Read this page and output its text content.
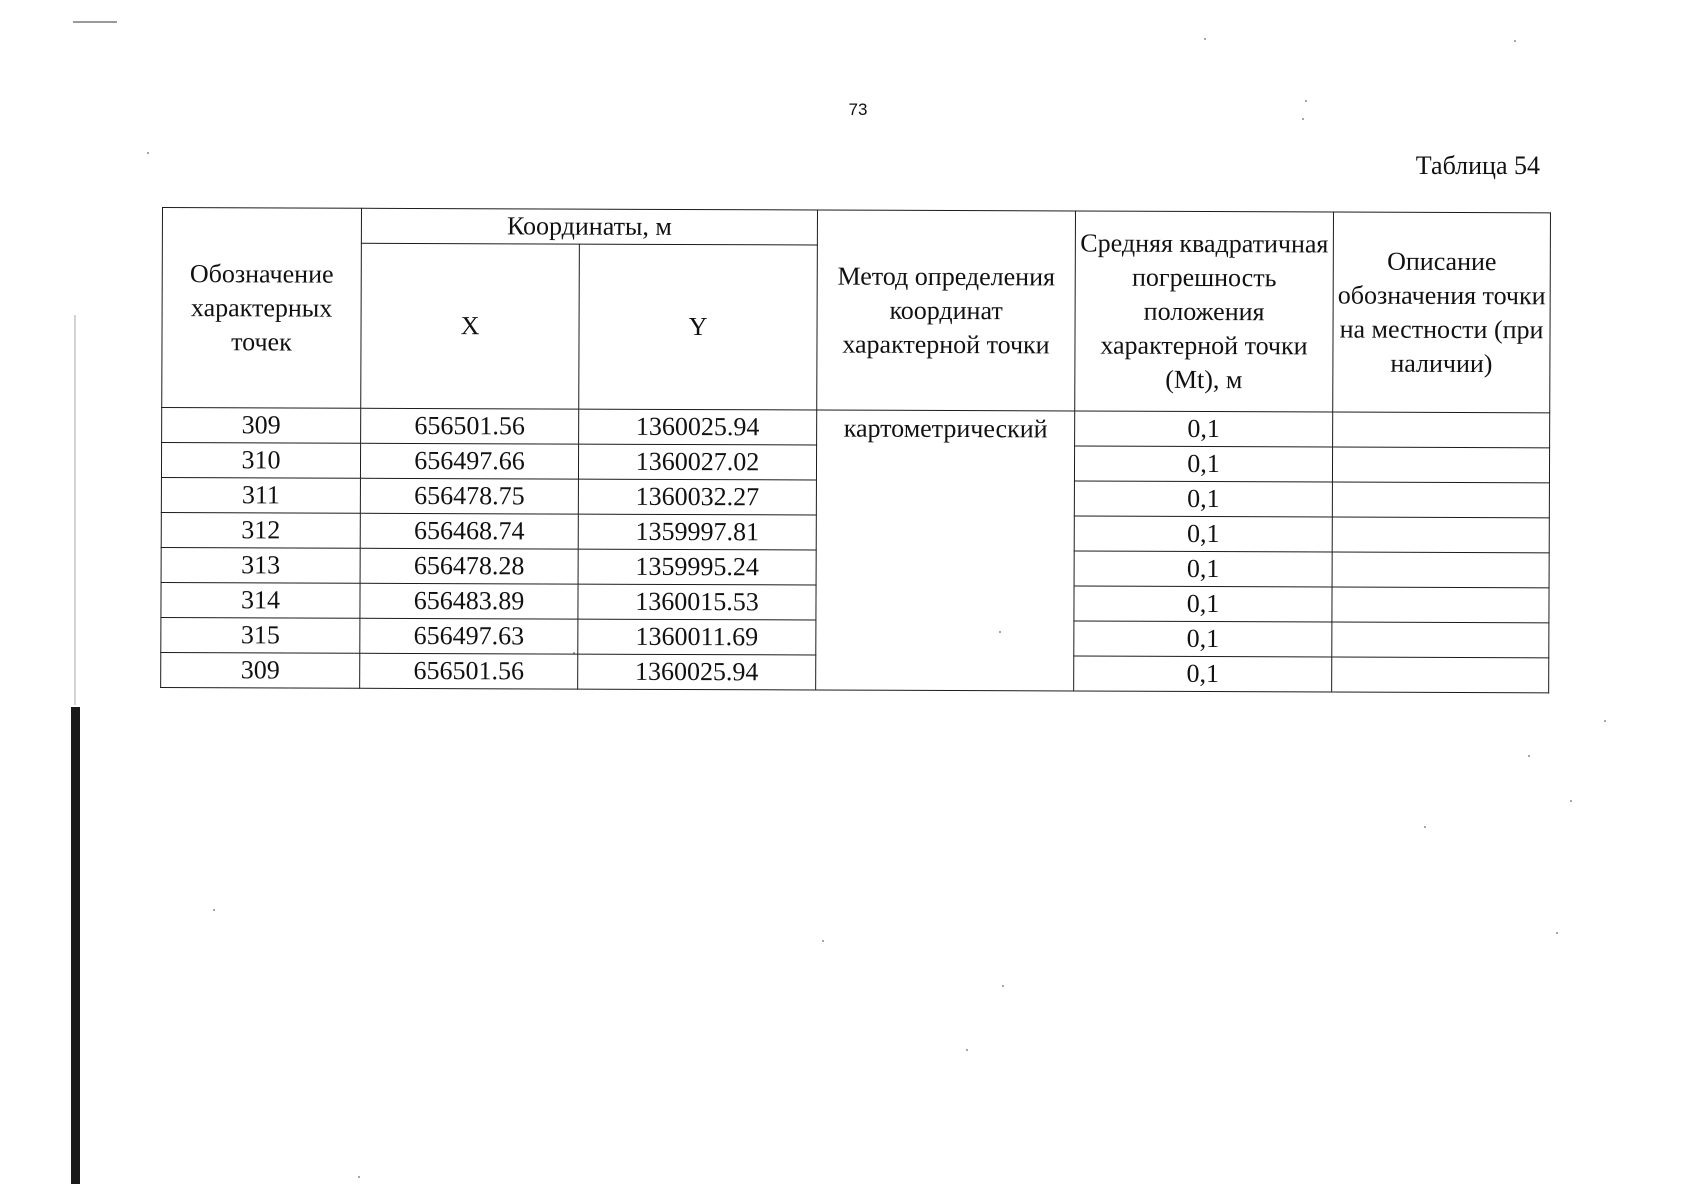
73
Таблица 54
Обозначение характерных точек	Координаты, м		Метод определения координат характерной точки	Средняя квадратичная погрешность положения характерной точки (Mt), м	Описание обозначения точки на местности (при наличии)
	X	Y			
309	656501.56	1360025.94	картометрический	0,1	
310	656497.66	1360027.02		0,1	
311	656478.75	1360032.27		0,1	
312	656468.74	1359997.81		0,1	
313	656478.28	1359995.24		0,1	
314	656483.89	1360015.53		0,1	
315	656497.63	1360011.69		0,1	
309	656501.56	1360025.94		0,1	
